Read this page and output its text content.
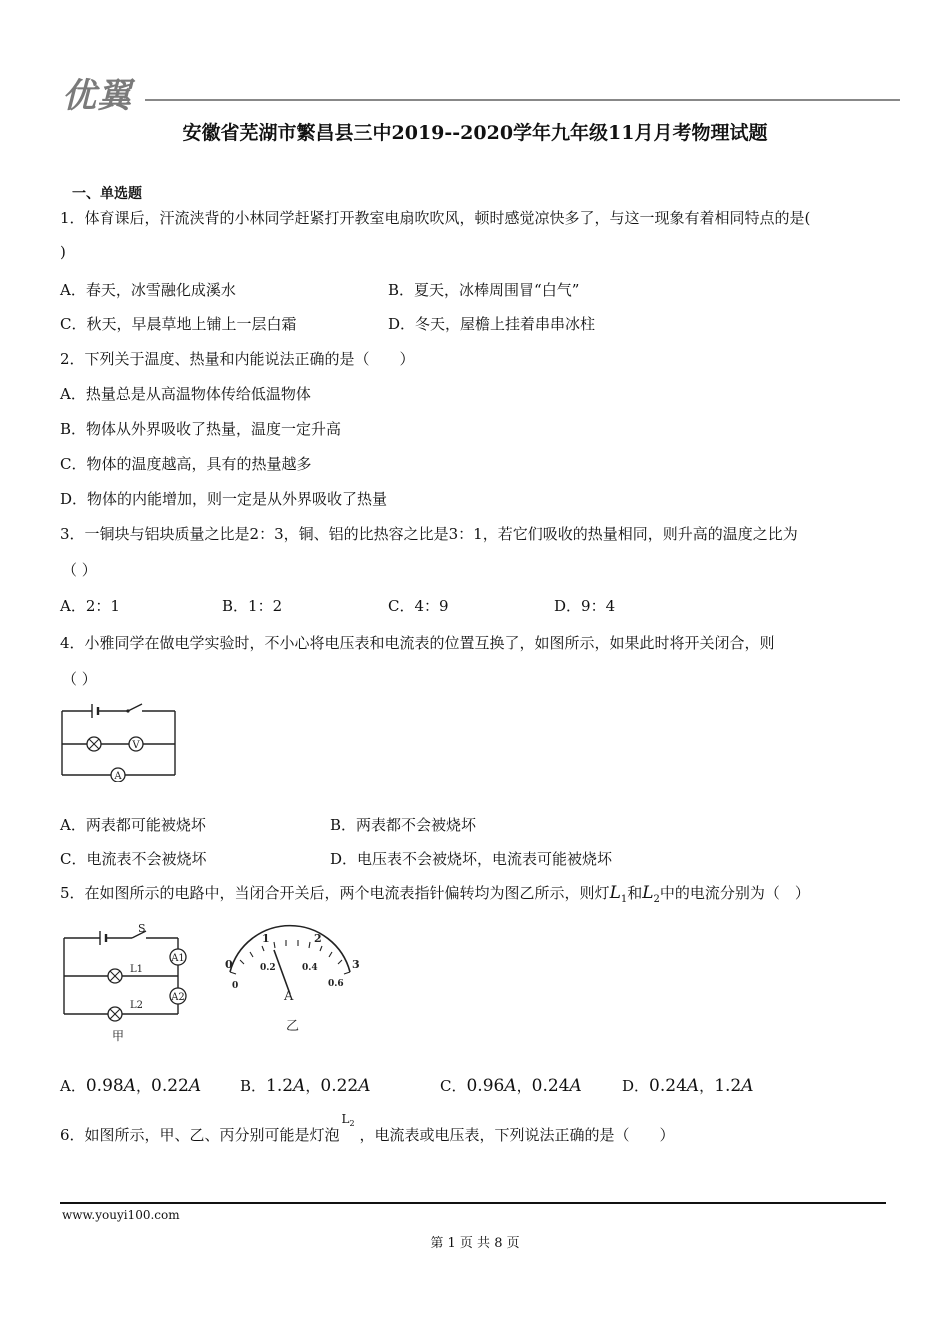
优翼
安徽省芜湖市繁昌县三中2019--2020学年九年级11月月考物理试题
一、单选题
1．体育课后，汗流浃背的小林同学赶紧打开教室电扇吹吹风，顿时感觉凉快多了，与这一现象有着相同特点的是(
)
A．春天，冰雪融化成溪水	B．夏天，冰棒周围冒“白气”
C．秋天，早晨草地上铺上一层白霜	D．冬天，屋檐上挂着串串冰柱
2．下列关于温度、热量和内能说法正确的是（　　）
A．热量总是从高温物体传给低温物体
B．物体从外界吸收了热量，温度一定升高
C．物体的温度越高，具有的热量越多
D．物体的内能增加，则一定是从外界吸收了热量
3．一铜块与铝块质量之比是2：3，铜、铝的比热容之比是3：1，若它们吸收的热量相同，则升高的温度之比为
（ ）
A．2：1	B．1：2	C．4：9	D．9：4
4．小雅同学在做电学实验时，不小心将电压表和电流表的位置互换了，如图所示，如果此时将开关闭合，则
（ ）
V
A
A．两表都可能被烧坏	B．两表都不会被烧坏
C．电流表不会被烧坏	D．电压表不会被烧坏，电流表可能被烧坏
5．在如图所示的电路中，当闭合开关后，两个电流表指针偏转均为图乙所示，则灯$L_1$和$L_2$中的电流分别为（　）
S
A1
A2
L1
L2
甲
0
1	2
3
0
0.2	0.4
0.6
A
乙
A．0.98A，0.22A	B．1.2A，0.22A	C．0.96A，0.24A	D．0.24A，1.2A
6．如图所示，甲、乙、丙分别可能是灯泡
L 2
，电流表或电压表，下列说法正确的是（　　）
www.youyi100.com
第 1 页 共 8 页
